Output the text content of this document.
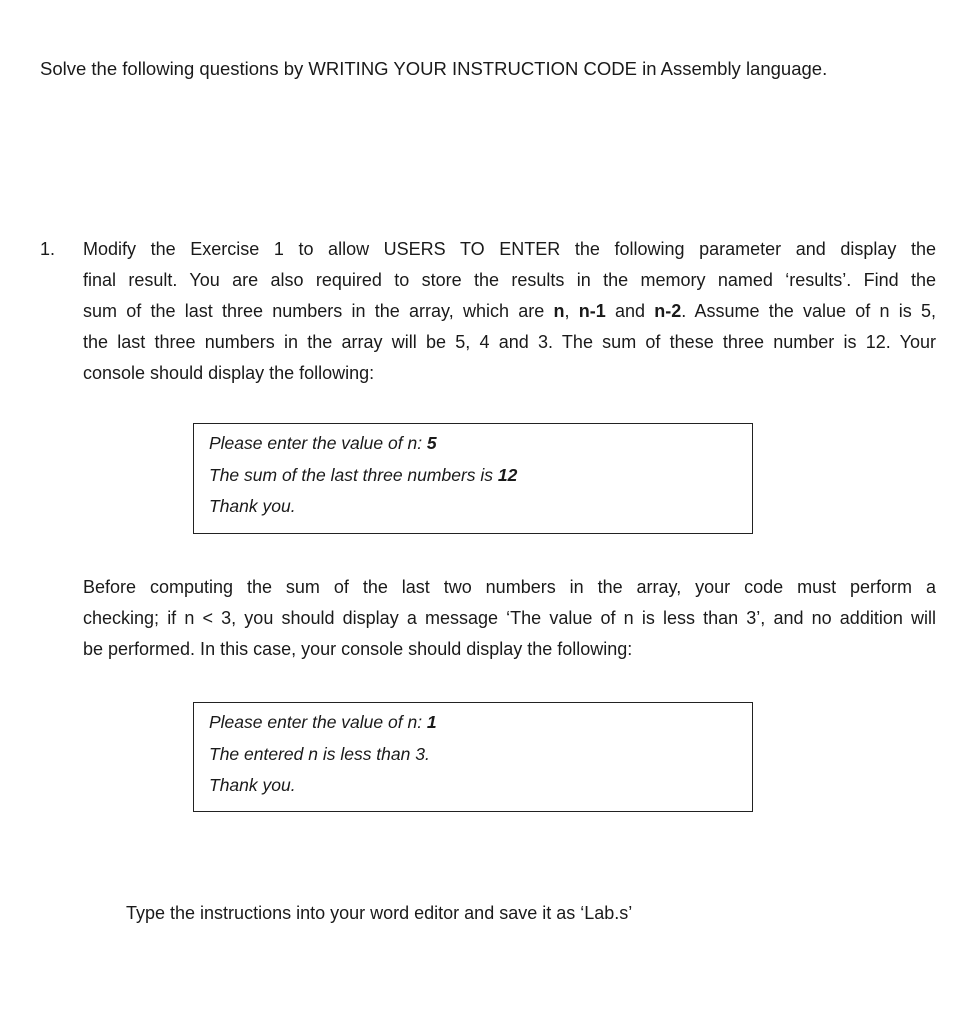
Solve the following questions by WRITING YOUR INSTRUCTION CODE in Assembly language.
1. Modify the Exercise 1 to allow USERS TO ENTER the following parameter and display the
final result. You are also required to store the results in the memory named ‘results’. Find the
sum of the last three numbers in the array, which are n, n-1 and n-2. Assume the value of n is 5,
the last three numbers in the array will be 5, 4 and 3. The sum of these three number is 12. Your
console should display the following:
Please enter the value of n: 5
The sum of the last three numbers is 12
Thank you.
Before computing the sum of the last two numbers in the array, your code must perform a
checking; if n < 3, you should display a message ‘The value of n is less than 3’, and no addition will
be performed. In this case, your console should display the following:
Please enter the value of n: 1
The entered n is less than 3.
Thank you.
Type the instructions into your word editor and save it as ‘Lab.s’
